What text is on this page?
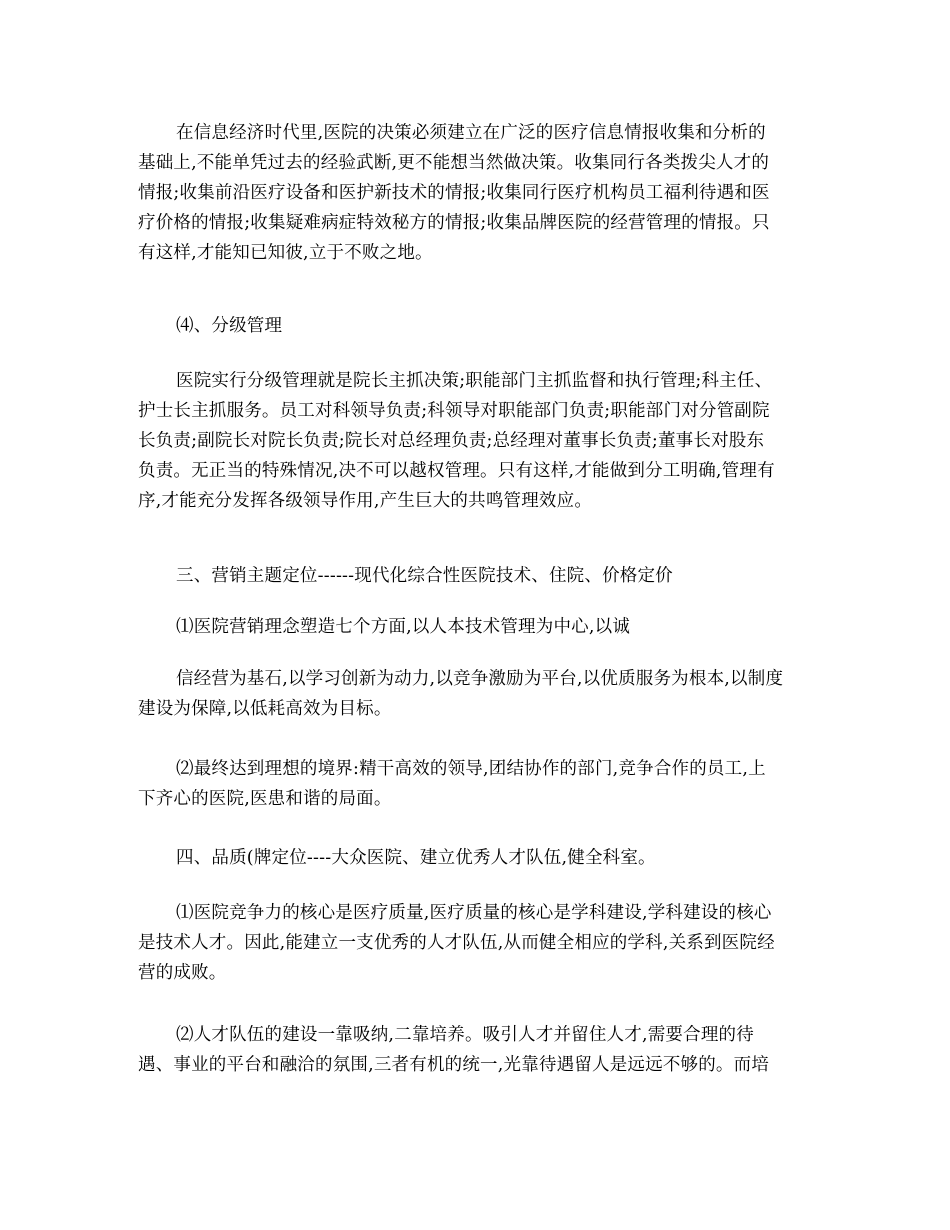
在信息经济时代里,医院的决策必须建立在广泛的医疗信息情报收集和分析的
基础上,不能单凭过去的经验武断,更不能想当然做决策。收集同行各类拨尖人才的
情报;收集前沿医疗设备和医护新技术的情报;收集同行医疗机构员工福利待遇和医
疗价格的情报;收集疑难病症特效秘方的情报;收集品牌医院的经营管理的情报。只
有这样,才能知已知彼,立于不败之地。

⑷、分级管理

医院实行分级管理就是院长主抓决策;职能部门主抓监督和执行管理;科主任、
护士长主抓服务。员工对科领导负责;科领导对职能部门负责;职能部门对分管副院
长负责;副院长对院长负责;院长对总经理负责;总经理对董事长负责;董事长对股东
负责。无正当的特殊情况,决不可以越权管理。只有这样,才能做到分工明确,管理有
序,才能充分发挥各级领导作用,产生巨大的共鸣管理效应。

三、营销主题定位------现代化综合性医院技术、住院、价格定价

⑴医院营销理念塑造七个方面,以人本技术管理为中心,以诚

信经营为基石,以学习创新为动力,以竞争激励为平台,以优质服务为根本,以制度
建设为保障,以低耗高效为目标。

⑵最终达到理想的境界:精干高效的领导,团结协作的部门,竞争合作的员工,上
下齐心的医院,医患和谐的局面。

四、品质(牌定位----大众医院、建立优秀人才队伍,健全科室。

⑴医院竞争力的核心是医疗质量,医疗质量的核心是学科建设,学科建设的核心
是技术人才。因此,能建立一支优秀的人才队伍,从而健全相应的学科,关系到医院经
营的成败。

⑵人才队伍的建设一靠吸纳,二靠培养。吸引人才并留住人才,需要合理的待
遇、事业的平台和融洽的氛围,三者有机的统一,光靠待遇留人是远远不够的。而培
